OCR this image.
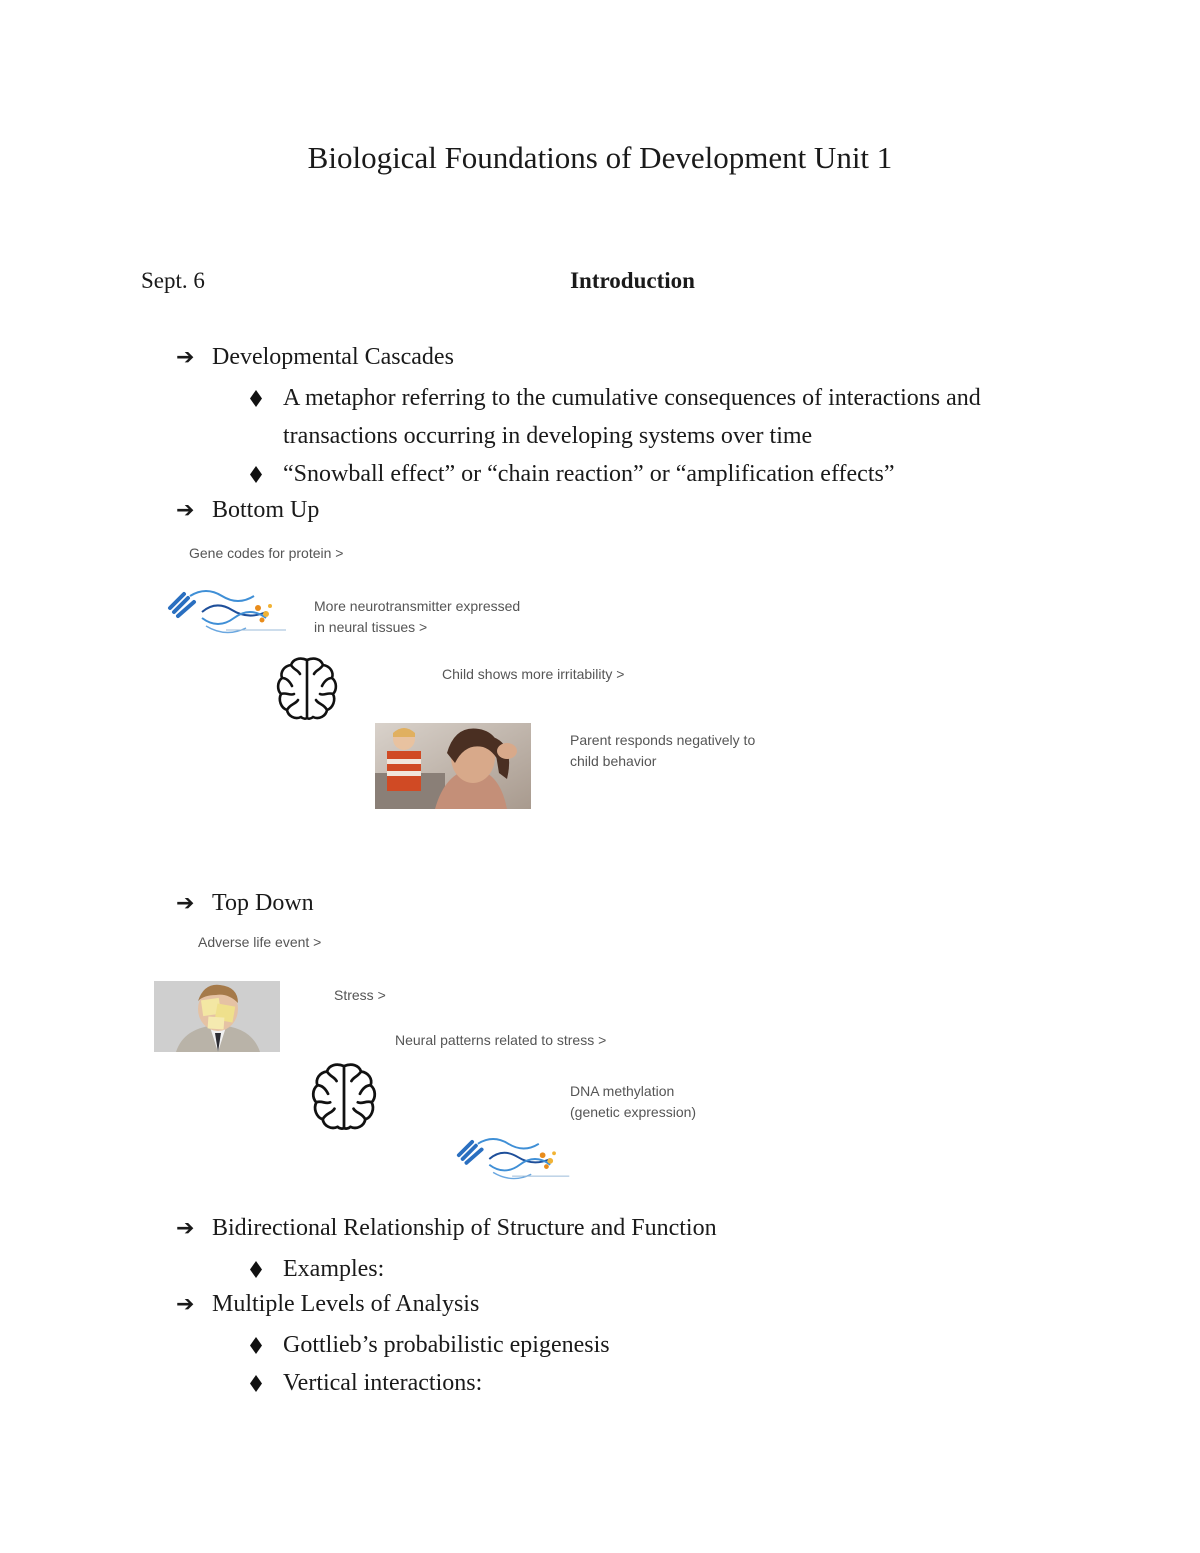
Biological Foundations of Development Unit 1
Sept. 6	Introduction
➔ Developmental Cascades
A metaphor referring to the cumulative consequences of interactions and
transactions occurring in developing systems over time
“Snowball effect” or “chain reaction” or “amplification effects”
➔ Bottom Up
Gene codes for protein >
More neurotransmitter expressed
in neural tissues >
Child shows more irritability >
Parent responds negatively to
child behavior
➔ Top Down
Adverse life event >
Stress >
Neural patterns related to stress >
DNA methylation
(genetic expression)
➔ Bidirectional Relationship of Structure and Function
Examples:
➔ Multiple Levels of Analysis
Gottlieb’s probabilistic epigenesis
Vertical interactions:
